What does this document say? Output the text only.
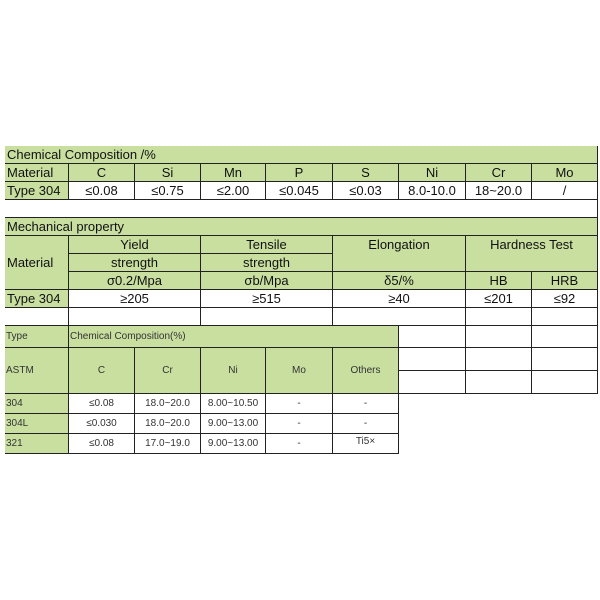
Chemical Composition /%
Material	C	Si	Mn	P	S	Ni	Cr	Mo
Type 304	≤0.08	≤0.75	≤2.00	≤0.045	≤0.03	8.0-10.0	18~20.0	/
Mechanical property
Material
Yield	Tensile	Elongation	Hardness Test
strength	strength
σ0.2/Mpa	σb/Mpa	δ5/%	HB	HRB
Type 304	≥205	≥515	≥40	≤201	≤92
Type	Chemical Composition(%)
ASTM	C	Cr	Ni	Mo	Others
304	≤0.08	18.0~20.0	8.00~10.50	-	-
304L	≤0.030	18.0~20.0	9.00~13.00	-	-
321	≤0.08	17.0~19.0	9.00~13.00	-	Ti5×
